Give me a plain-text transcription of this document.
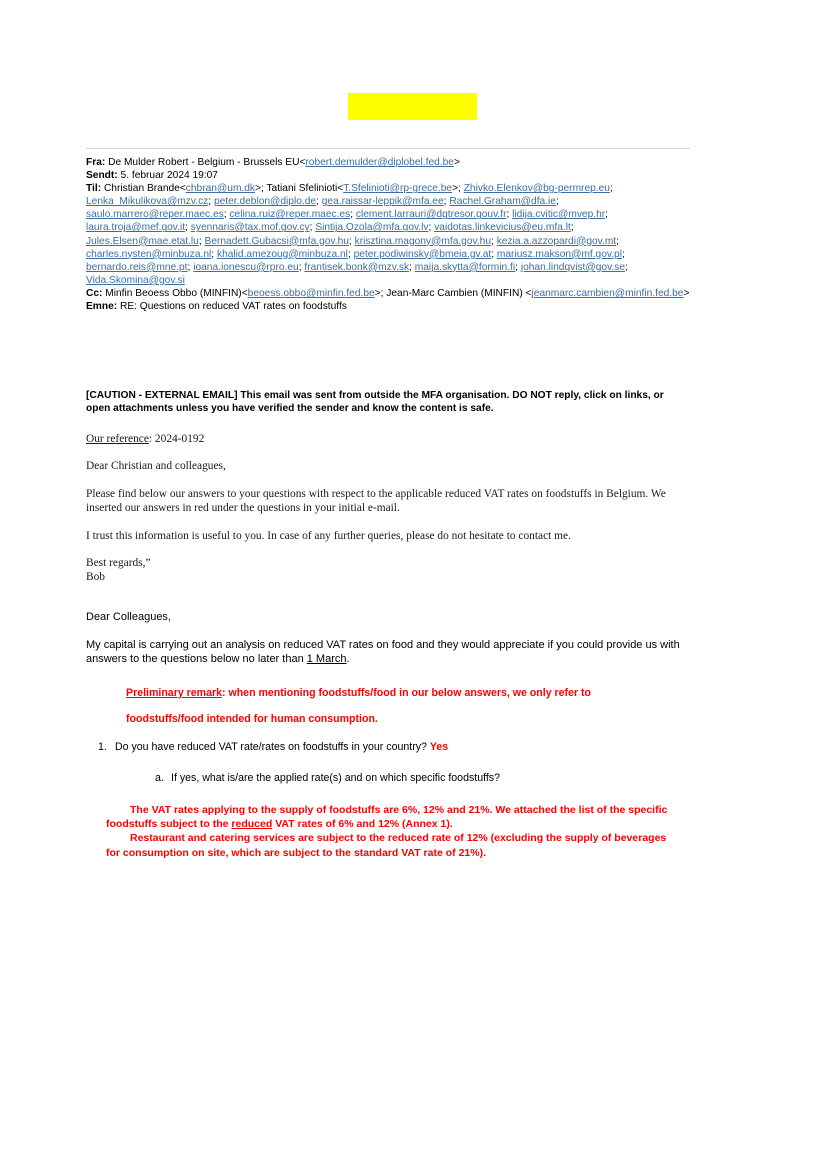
Fra: De Mulder Robert - Belgium - Brussels EU<robert.demulder@diplobel.fed.be>
Sendt: 5. februar 2024 19:07
Til: Christian Brande<chbran@um.dk>; Tatiani Sfelinioti<T.Sfelinioti@rp-grece.be>; Zhivko.Elenkov@bg-permrep.eu; Lenka_Mikulikova@mzv.cz; peter.deblon@diplo.de; gea.raissar-leppik@mfa.ee; Rachel.Graham@dfa.ie; saulo.marrero@reper.maec.es; celina.ruiz@reper.maec.es; clement.larrauri@dgtresor.gouv.fr; lidija.cvitic@mvep.hr; laura.troja@mef.gov.it; syennaris@tax.mof.gov.cy; Sintija.Ozola@mfa.gov.lv; vaidotas.linkevicius@eu.mfa.lt; Jules.Elsen@mae.etat.lu; Bernadett.Gubacsi@mfa.gov.hu; krisztina.magony@mfa.gov.hu; kezia.a.azzopardi@gov.mt; charles.nysten@minbuza.nl; khalid.amezoug@minbuza.nl; peter.podiwinsky@bmeia.gv.at; mariusz.makson@mf.gov.pl; bernardo.reis@mne.pt; ioana.ionescu@rpro.eu; frantisek.bonk@mzv.sk; maija.skytta@formin.fi; johan.lindqvist@gov.se; Vida.Skomina@gov.si
Cc: Minfin Beoess Obbo (MINFIN)<beoess.obbo@minfin.fed.be>; Jean-Marc Cambien (MINFIN) <jeanmarc.cambien@minfin.fed.be>
Emne: RE: Questions on reduced VAT rates on foodstuffs
[CAUTION - EXTERNAL EMAIL] This email was sent from outside the MFA organisation. DO NOT reply, click on links, or open attachments unless you have verified the sender and know the content is safe.

Our reference: 2024-0192

Dear Christian and colleagues,

Please find below our answers to your questions with respect to the applicable reduced VAT rates on foodstuffs in Belgium. We inserted our answers in red under the questions in your initial e-mail.

I trust this information is useful to you. In case of any further queries, please do not hesitate to contact me.

Best regards,”

Bob

Dear Colleagues,

My capital is carrying out an analysis on reduced VAT rates on food and they would appreciate if you could provide us with answers to the questions below no later than 1 March.

Preliminary remark: when mentioning foodstuffs/food in our below answers, we only refer to
foodstuffs/food intended for human consumption.
1. Do you have reduced VAT rate/rates on foodstuffs in your country? Yes
a. If yes, what is/are the applied rate(s) and on which specific foodstuffs?

The VAT rates applying to the supply of foodstuffs are 6%, 12% and 21%. We attached the list of the specific foodstuffs subject to the reduced VAT rates of 6% and 12% (Annex 1).

Restaurant and catering services are subject to the reduced rate of 12% (excluding the supply of beverages for consumption on site, which are subject to the standard VAT rate of 21%).
